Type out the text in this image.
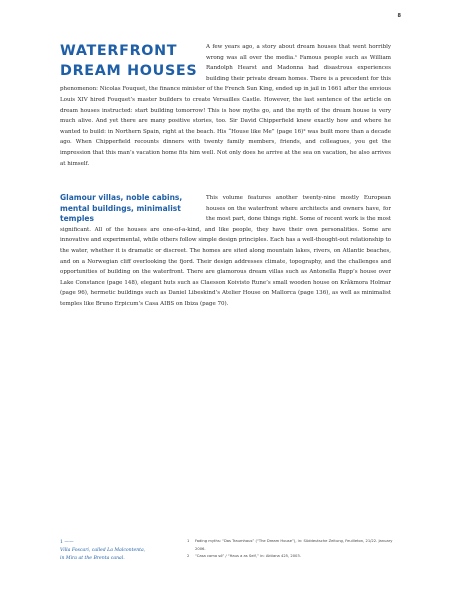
8
WATERFRONT DREAM HOUSES

A few years ago, a story about dream houses that went horribly wrong was all over the media.¹ Famous people such as William Randolph Hearst and Madonna had disastrous experiences building their private dream homes. There is a precedent for this phenomenon: Nicolas Fouquet, the finance minister of the French Sun King, ended up in jail in 1661 after the envious Louis XIV hired Fouquet’s master builders to create Versailles Castle. However, the last sentence of the article on dream houses instructed: start building tomorrow! This is how myths go, and the myth of the dream house is very much alive. And yet there are many positive stories, too. Sir David Chipperfield knew exactly how and where he wanted to build: in Northern Spain, right at the beach. His “House like Me” (page 16)² was built more than a decade ago. When Chipperfield recounts dinners with twenty family members, friends, and colleagues, you get the impression that this man’s vacation home fits him well. Not only does he arrive at the sea on vacation, he also arrives at himself.

Glamour villas, noble cabins, mental buildings, minimalist temples

This volume features another twenty-nine mostly European houses on the waterfront where architects and owners have, for the most part, done things right. Some of recent work is the most significant. All of the houses are one-of-a-kind, and like people, they have their own personalities. Some are innovative and experimental, while others follow simple design principles. Each has a well-thought-out relationship to the water, whether it is dramatic or discreet. The homes are sited along mountain lakes, rivers, on Atlantic beaches, and on a Norwegian cliff overlooking the fjord. Their design addresses climate, topography, and the challenges and opportunities of building on the waterfront. There are glamorous dream villas such as Antonella Rupp’s house over Lake Constance (page 148), elegant huts such as Claesson Koivisto Rune’s small wooden house on Kråkmora Holmar (page 96), hermetic buildings such as Daniel Libeskind’s Atelier House on Mallorca (page 136), as well as minimalist temples like Bruno Erpicum’s Casa AIBS on Ibiza (page 70).

1 ——
Villa Foscari, called La Malcontenta,
in Mira at the Brenta canal.

1 Fading myths: “Das Traumhaus” (“The Dream House”), in: Süddeutsche Zeitung, Feuilleton, 21/22. January 2006.

2 “Casa como só” / “Haus a as Self,” in: Aktiana 425, 2003.
